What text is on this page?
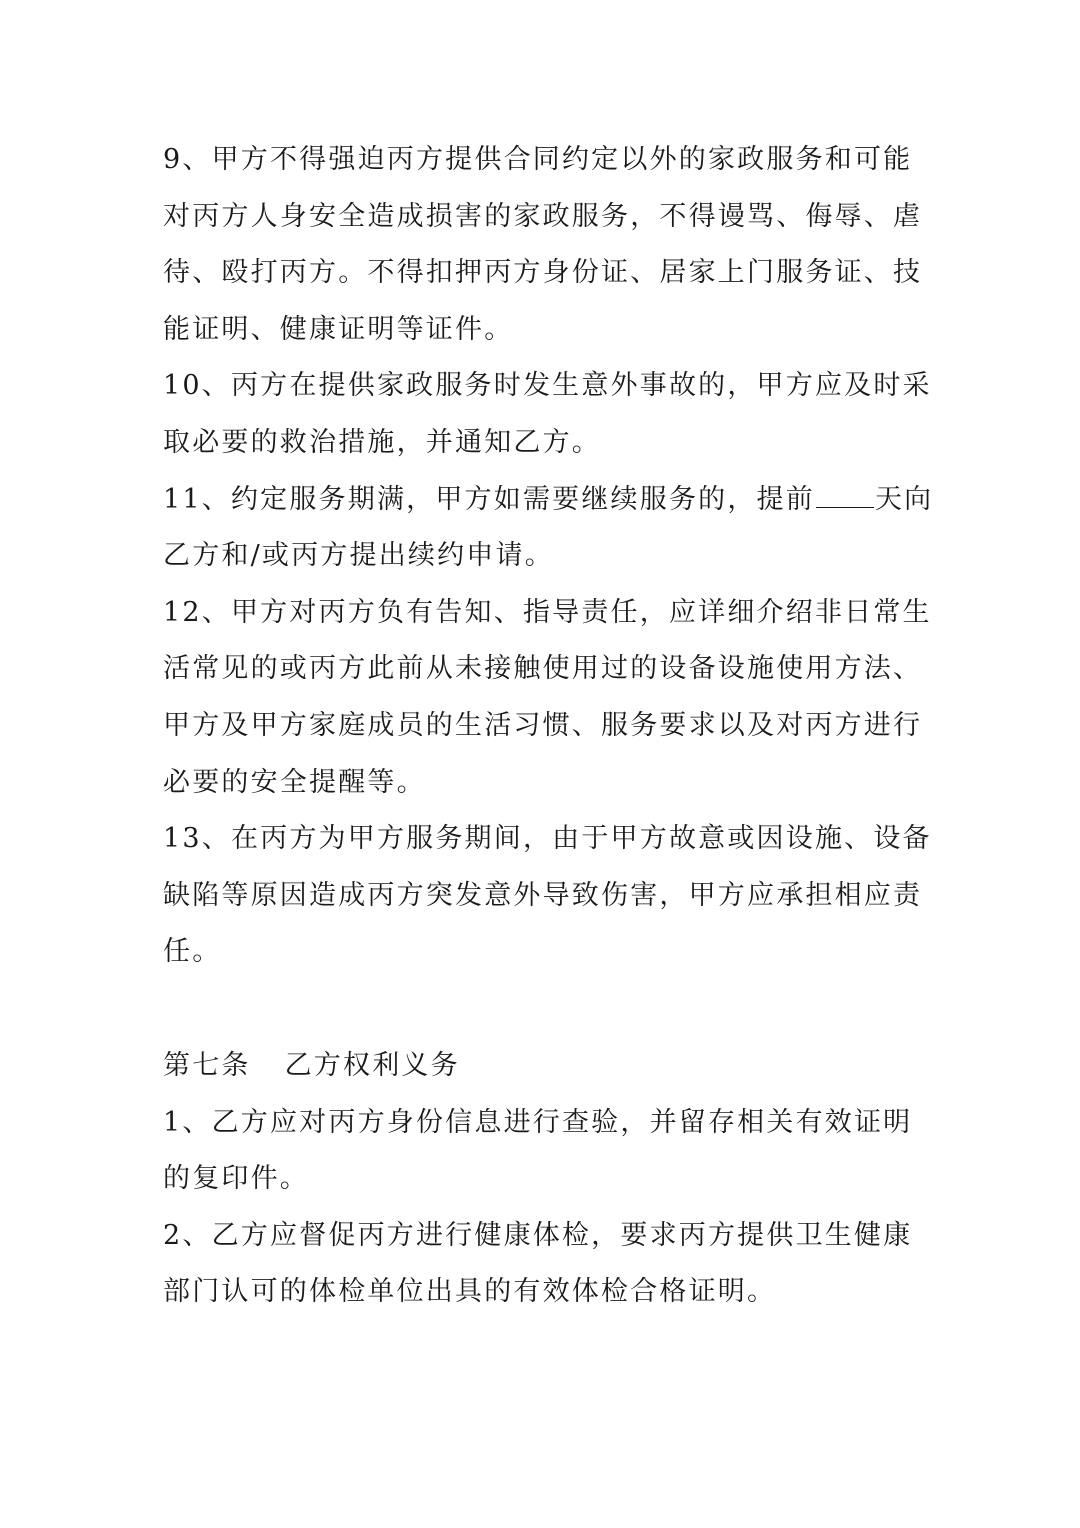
9、甲方不得强迫丙方提供合同约定以外的家政服务和可能
对丙方人身安全造成损害的家政服务，不得谩骂、侮辱、虐
待、殴打丙方。不得扣押丙方身份证、居家上门服务证、技
能证明、健康证明等证件。
10、丙方在提供家政服务时发生意外事故的，甲方应及时采
取必要的救治措施，并通知乙方。
11、约定服务期满，甲方如需要继续服务的，提前 天向
乙方和/或丙方提出续约申请。
12、甲方对丙方负有告知、指导责任，应详细介绍非日常生
活常见的或丙方此前从未接触使用过的设备设施使用方法、
甲方及甲方家庭成员的生活习惯、服务要求以及对丙方进行
必要的安全提醒等。
13、在丙方为甲方服务期间，由于甲方故意或因设施、设备
缺陷等原因造成丙方突发意外导致伤害，甲方应承担相应责
任。
第七条 乙方权利义务
1、乙方应对丙方身份信息进行查验，并留存相关有效证明
的复印件。
2、乙方应督促丙方进行健康体检，要求丙方提供卫生健康
部门认可的体检单位出具的有效体检合格证明。
